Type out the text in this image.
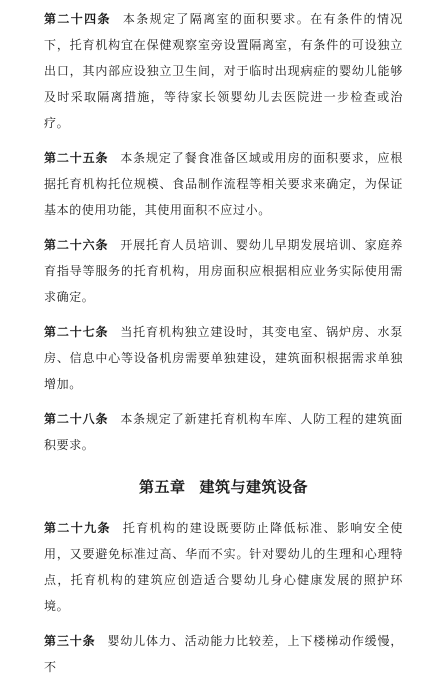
第二十四条 本条规定了隔离室的面积要求。在有条件的情况下，托育机构宜在保健观察室旁设置隔离室，有条件的可设独立出口，其内部应设独立卫生间，对于临时出现病症的婴幼儿能够及时采取隔离措施，等待家长领婴幼儿去医院进一步检查或治疗。

第二十五条 本条规定了餐食准备区域或用房的面积要求，应根据托育机构托位规模、食品制作流程等相关要求来确定，为保证基本的使用功能，其使用面积不应过小。

第二十六条 开展托育人员培训、婴幼儿早期发展培训、家庭养育指导等服务的托育机构，用房面积应根据相应业务实际使用需求确定。

第二十七条 当托育机构独立建设时，其变电室、锅炉房、水泵房、信息中心等设备机房需要单独建设，建筑面积根据需求单独增加。

第二十八条 本条规定了新建托育机构车库、人防工程的建筑面积要求。

第五章 建筑与建筑设备

第二十九条 托育机构的建设既要防止降低标准、影响安全使用，又要避免标准过高、华而不实。针对婴幼儿的生理和心理特点，托育机构的建筑应创造适合婴幼儿身心健康发展的照护环境。

第三十条 婴幼儿体力、活动能力比较差，上下楼梯动作缓慢，不
